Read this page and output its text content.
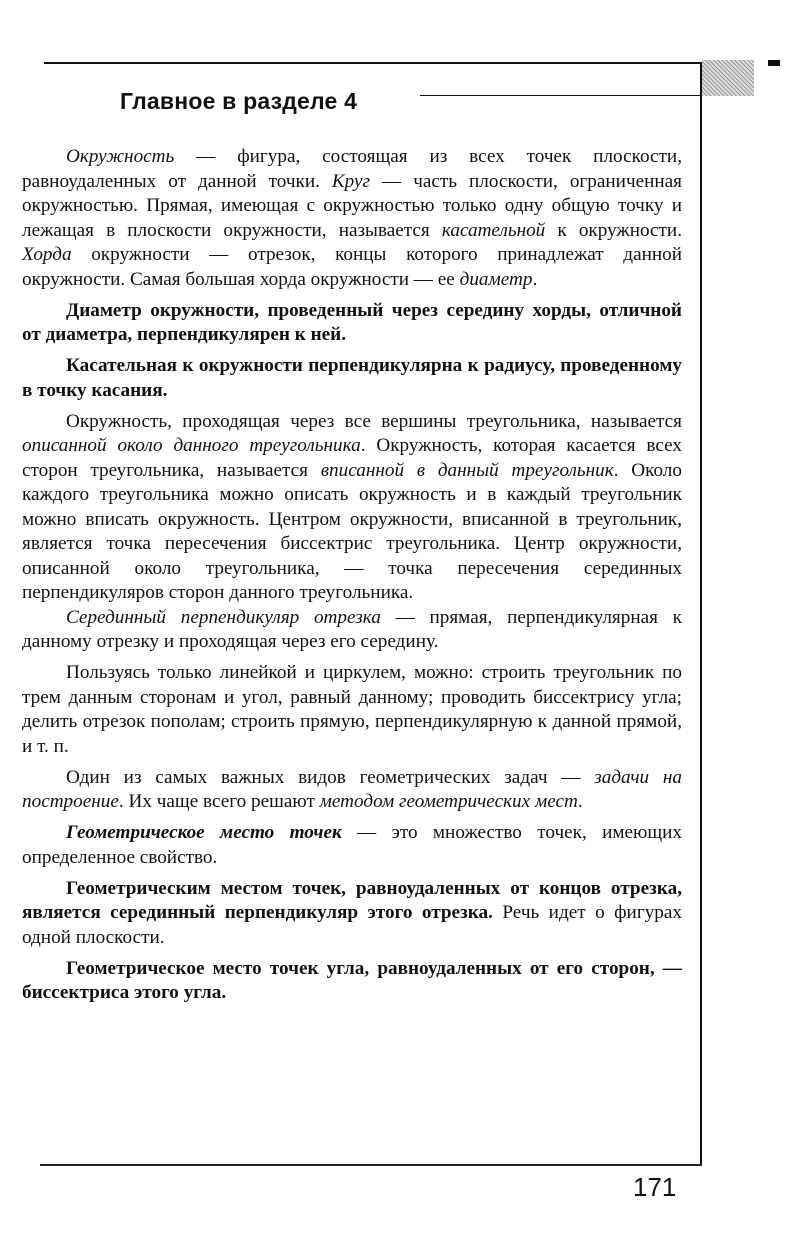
Главное в разделе 4

Окружность — фигура, состоящая из всех точек плоскости, равноудаленных от данной точки. Круг — часть плоскости, ограниченная окружностью. Прямая, имеющая с окружностью только одну общую точку и лежащая в плоскости окружности, называется касательной к окружности. Хорда окружности — отрезок, концы которого принадлежат данной окружности. Самая большая хорда окружности — ее диаметр.

Диаметр окружности, проведенный через середину хорды, отличной от диаметра, перпендикулярен к ней.

Касательная к окружности перпендикулярна к радиусу, проведенному в точку касания.

Окружность, проходящая через все вершины треугольника, называется описанной около данного треугольника. Окружность, которая касается всех сторон треугольника, называется вписанной в данный треугольник. Около каждого треугольника можно описать окружность и в каждый треугольник можно вписать окружность. Центром окружности, вписанной в треугольник, является точка пересечения биссектрис треугольника. Центр окружности, описанной около треугольника, — точка пересечения серединных перпендикуляров сторон данного треугольника.

Серединный перпендикуляр отрезка — прямая, перпендикулярная к данному отрезку и проходящая через его середину.

Пользуясь только линейкой и циркулем, можно: строить треугольник по трем данным сторонам и угол, равный данному; проводить биссектрису угла; делить отрезок пополам; строить прямую, перпендикулярную к данной прямой, и т. п.

Один из самых важных видов геометрических задач — задачи на построение. Их чаще всего решают методом геометрических мест.

Геометрическое место точек — это множество точек, имеющих определенное свойство.

Геометрическим местом точек, равноудаленных от концов отрезка, является серединный перпендикуляр этого отрезка. Речь идет о фигурах одной плоскости.

Геометрическое место точек угла, равноудаленных от его сторон, — биссектриса этого угла.

171
